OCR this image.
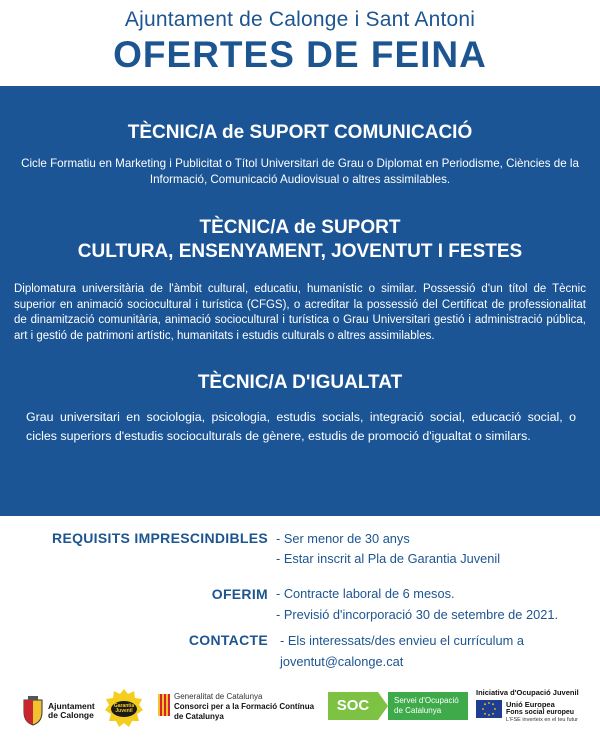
Ajuntament de Calonge i Sant Antoni
OFERTES DE FEINA
TÈCNIC/A de SUPORT COMUNICACIÓ
Cicle Formatiu en Marketing i Publicitat o Títol Universitari de Grau o Diplomat en Periodisme, Ciències de la Informació, Comunicació Audiovisual o altres assimilables.
TÈCNIC/A de SUPORT
CULTURA, ENSENYAMENT, JOVENTUT I FESTES
Diplomatura universitària de l'àmbit cultural, educatiu, humanístic o similar. Possessió d'un títol de Tècnic superior en animació sociocultural i turística (CFGS), o acreditar la possessió del Certificat de professionalitat de dinamització comunitària, animació sociocultural i turística o Grau Universitari gestió i administració pública, art i gestió de patrimoni artístic, humanitats i estudis culturals o altres assimilables.
TÈCNIC/A D'IGUALTAT
Grau universitari en sociologia, psicologia, estudis socials, integració social, educació social, o cicles superiors d'estudis socioculturals de gènere, estudis de promoció d'igualtat o similars.
REQUISITS IMPRESCINDIBLES - Ser menor de 30 anys
- Estar inscrit al Pla de Garantia Juvenil
OFERIM - Contracte laboral de 6 mesos.
- Previsió d'incorporació 30 de setembre de 2021.
CONTACTE - Els interessats/des envieu el currículum a
joventut@calonge.cat
Ajuntament
de Calonge
Garantia Juvenil
Generalitat de Catalunya
Consorci per a la Formació Contínua
de Catalunya
SOC	Servei d'Ocupació
de Catalunya
Iniciativa d'Ocupació Juvenil
Unió Europea
Fons social europeu
L'FSE inverteix en el teu futur
